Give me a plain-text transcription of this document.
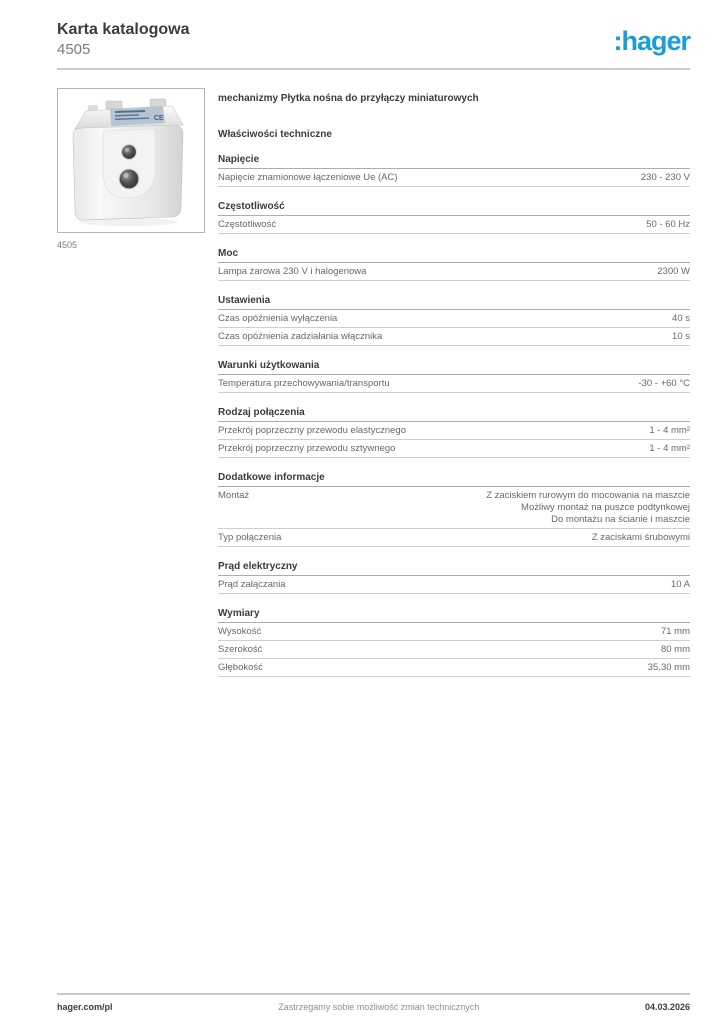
Karta katalogowa
4505	:hager
CE
4505
mechanizmy Płytka nośna do przyłączy miniaturowych
Właściwości techniczne
Napięcie
Napięcie znamionowe łączeniowe Ue (AC)	230 - 230 V
Częstotliwość
Częstotliwość	50 - 60 Hz
Moc
Lampa żarowa 230 V i halogenowa	2300 W
Ustawienia
Czas opóźnienia wyłączenia	40 s
Czas opóźnienia zadziałania włącznika	10 s
Warunki użytkowania
Temperatura przechowywania/transportu	-30 - +60 °C
Rodzaj połączenia
Przekrój poprzeczny przewodu elastycznego	1 - 4 mm²
Przekrój poprzeczny przewodu sztywnego	1 - 4 mm²
Dodatkowe informacje
Montaż	Z zaciskiem rurowym do mocowania na maszcie
Możliwy montaż na puszce podtynkowej
Do montażu na ścianie i maszcie
Typ połączenia	Z zaciskami śrubowymi
Prąd elektryczny
Prąd załączania	10 A
Wymiary
Wysokość	71 mm
Szerokość	80 mm
Głębokość	35,30 mm
hager.com/pl	Zastrzegamy sobie możliwość zmian technicznych	04.03.2026
